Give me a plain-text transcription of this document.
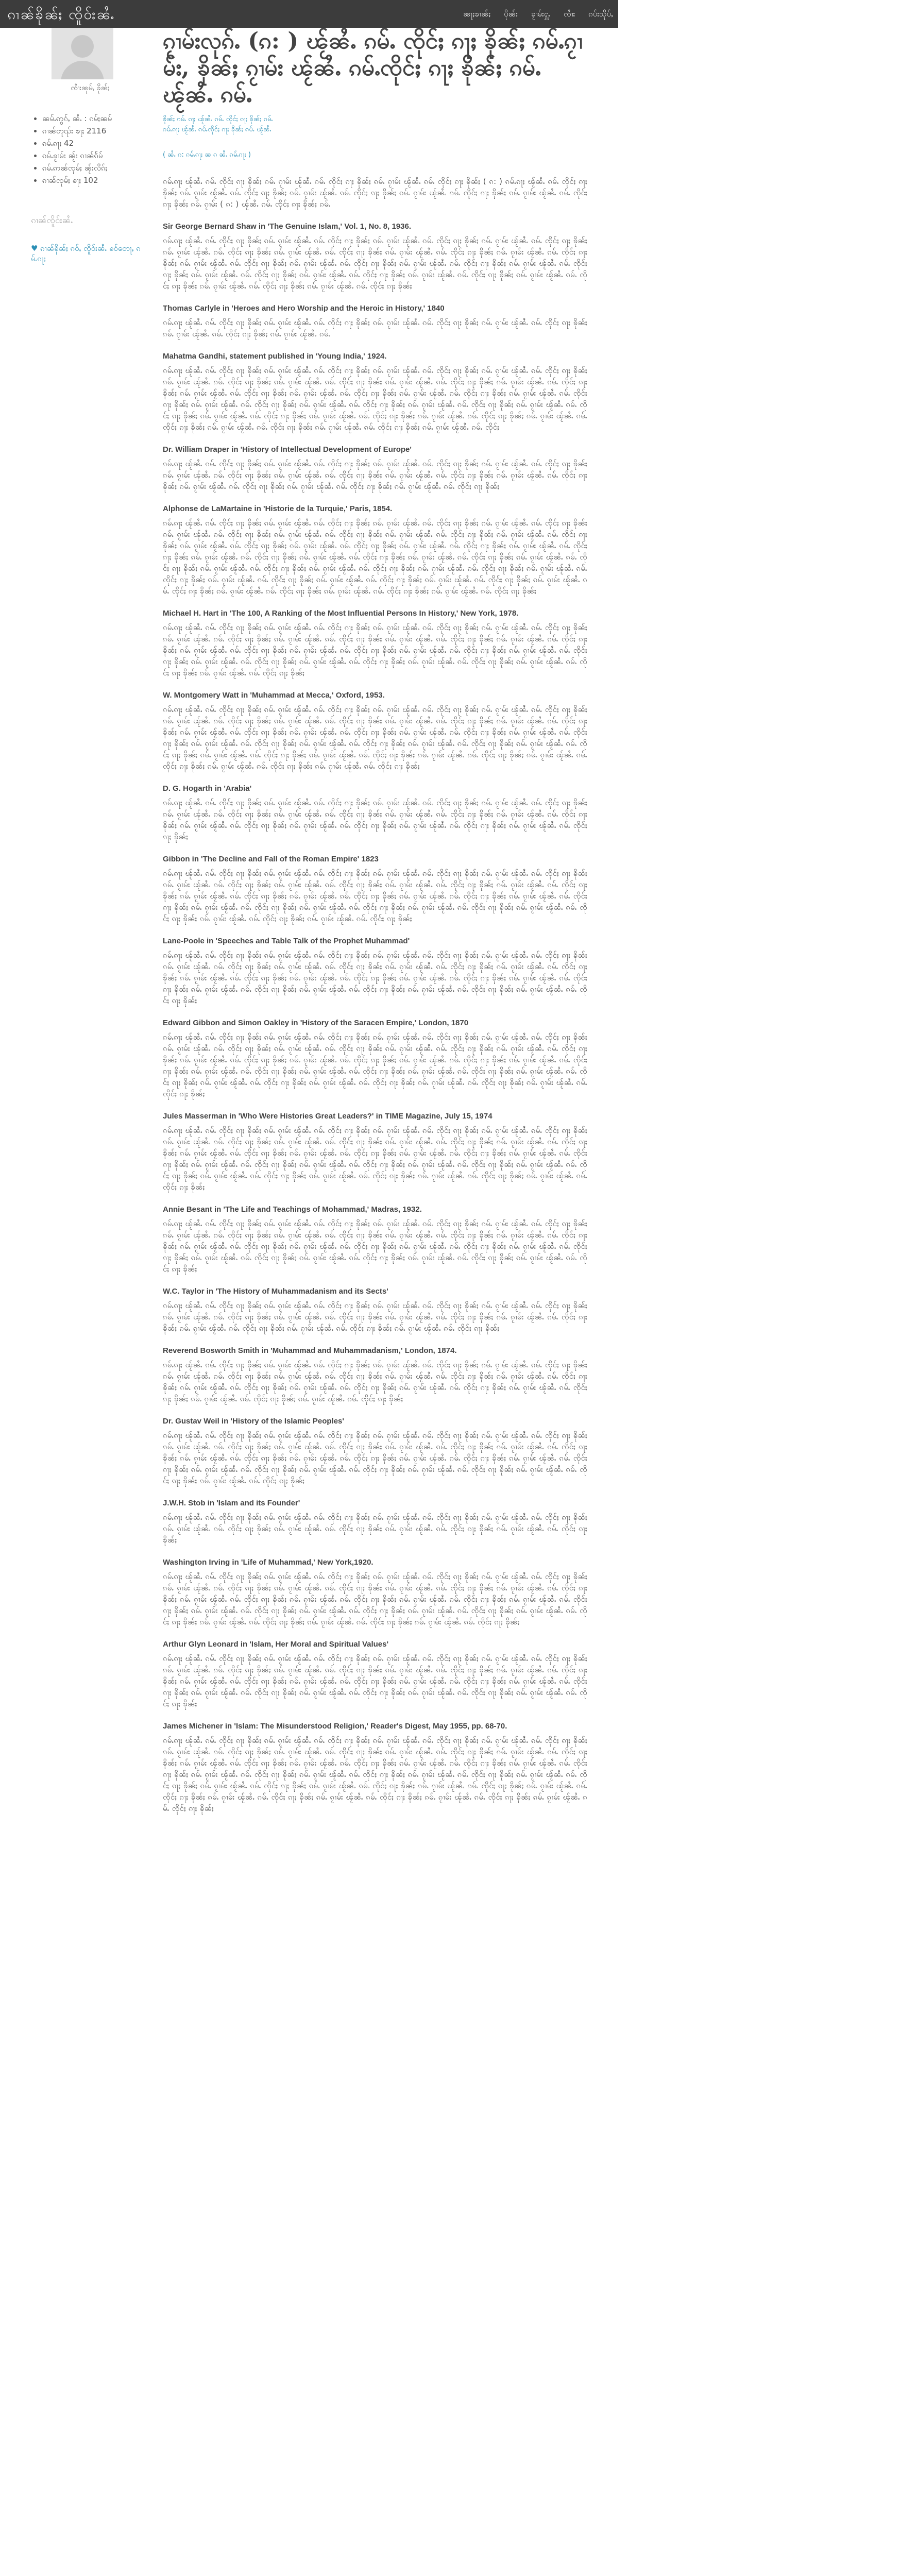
ၵၢၼ်ၶိုၼ်ႈ ၸိူဝ်းၼႆႉ	ၼႃႈၶၢၼ်ႈ ပိုၼ်း ၶႂၢမ်းႁူႉ ၸၢႆး ၵပ်းသိုပ်ႇ
ၸၢႆးၼုမ်ႇ ၶိုၼ်ႈ
• ၼမ်ႉဢွၵ်ႇ ၼႆႉ : ၵမ်ႈၼမ်
• ၵၢၼ်တူၺ်း ၶႃႈ 2116
• ၵမ်ႉၵႃႈ 42
• ၵမ်ႉၶႂၢမ်း ၼႂ်း ၵၢၼ်ၵႅမ်
• ၵမ်ႉဢၼ်ၸုမ်ႈ ၼႂ်းလိၵ်ႈ
• ၵၢၼ်ၸုမ်ႈ ၶႃႈ 102
ၵၢၼ်ၸိူင်းၼႆႉ
♥ ၵၢၼ်ၶိုၼ်ႈ ၵဝ်ႇ ၸိူဝ်းၼႆႉ ၶဝ်တေႃႇ ၵမ်ႉၵႃႈ
ၵႂၢမ်းလုၵ်ႉ (ၵ: ) ၽႂ်ၼႆႉ ၵမ်ႉ ၸိုင်ႈ ၵႃႈ ၶိုၼ်ႈ ၵမ်ႉၵႂၢမ်း, ၶိုၼ်ႈ ၵႂၢမ်း ၽႂ်ၼႆႉ ၵမ်ႉၸိုင်ႈ ၵႃႈ ၶိုၼ်ႈ ၵမ်ႉ ၽႂ်ၼႆႉ ၵမ်ႉ
ၶိုၼ်ႈ ၵမ်ႉ ၵႃႈ ၽႂ်ၼႆႉ ၵမ်ႉ ၸိုင်ႈ ၵႃႈ ၶိုၼ်ႈ ၵမ်ႉ
ၵမ်ႉၵႃႈ ၽႂ်ၼႆႉ ၵမ်ႉၸိုင်ႈ ၵႃႈ ၶိုၼ်ႈ ၵမ်ႉ ၽႂ်ၼႆႉ
( ၼႆႉ ၵ: ၵမ်ႉၵႃႈ ၼ ၵ ၼႆႉ ၵမ်ႉၵႃႈ )

ၵမ်ႉၵႃႈ ၽႂ်ၼႆႉ ၵမ်ႉ ၸိုင်ႈ ၵႃႈ ၶိုၼ်ႈ ၵမ်ႉ ၵႂၢမ်း ၽႂ်ၼႆႉ ၵမ်ႉ ၸိုင်ႈ ၵႃႈ ၶိုၼ်ႈ ၵမ်ႉ ၵႂၢမ်း ၽႂ်ၼႆႉ ၵမ်ႉ ၸိုင်ႈ ၵႃႈ ၶိုၼ်ႈ ( ၵ: ) ၵမ်ႉၵႃႈ ၽႂ်ၼႆႉ ၵမ်ႉ ၸိုင်ႈ ၵႃႈ ၶိုၼ်ႈ ၵမ်ႉ ၵႂၢမ်း ၽႂ်ၼႆႉ ၵမ်ႉ ၸိုင်ႈ ၵႃႈ ၶိုၼ်ႈ ၵမ်ႉ ၵႂၢမ်း ၽႂ်ၼႆႉ ၵမ်ႉ ၸိုင်ႈ ၵႃႈ ၶိုၼ်ႈ ၵမ်ႉ ၵႂၢမ်း ၽႂ်ၼႆႉ ၵမ်ႉ ၸိုင်ႈ ၵႃႈ ၶိုၼ်ႈ ၵမ်ႉ ၵႂၢမ်း ၽႂ်ၼႆႉ ၵမ်ႉ ၸိုင်ႈ ၵႃႈ ၶိုၼ်ႈ ၵမ်ႉ ၵႂၢမ်း ( ၵ: ) ၽႂ်ၼႆႉ ၵမ်ႉ ၸိုင်ႈ ၵႃႈ ၶိုၼ်ႈ ၵမ်ႉ

Sir George Bernard Shaw in 'The Genuine Islam,' Vol. 1, No. 8, 1936.

ၵမ်ႉၵႃႈ ၽႂ်ၼႆႉ ၵမ်ႉ ၸိုင်ႈ ၵႃႈ ၶိုၼ်ႈ ၵမ်ႉ ၵႂၢမ်း ၽႂ်ၼႆႉ ၵမ်ႉ ၸိုင်ႈ ၵႃႈ ၶိုၼ်ႈ ၵမ်ႉ ၵႂၢမ်း ၽႂ်ၼႆႉ ၵမ်ႉ ၸိုင်ႈ ၵႃႈ ၶိုၼ်ႈ ၵမ်ႉ ၵႂၢမ်း ၽႂ်ၼႆႉ ၵမ်ႉ ၸိုင်ႈ ၵႃႈ ၶိုၼ်ႈ ၵမ်ႉ ၵႂၢမ်း ၽႂ်ၼႆႉ ၵမ်ႉ ၸိုင်ႈ ၵႃႈ ၶိုၼ်ႈ ၵမ်ႉ ၵႂၢမ်း ၽႂ်ၼႆႉ ၵမ်ႉ ၸိုင်ႈ ၵႃႈ ၶိုၼ်ႈ ၵမ်ႉ ၵႂၢမ်း ၽႂ်ၼႆႉ ၵမ်ႉ ၸိုင်ႈ ၵႃႈ ၶိုၼ်ႈ ၵမ်ႉ ၵႂၢမ်း ၽႂ်ၼႆႉ ၵမ်ႉ ၸိုင်ႈ ၵႃႈ ၶိုၼ်ႈ ၵမ်ႉ ၵႂၢမ်း ၽႂ်ၼႆႉ ၵမ်ႉ ၸိုင်ႈ ၵႃႈ ၶိုၼ်ႈ ၵမ်ႉ ၵႂၢမ်း ၽႂ်ၼႆႉ ၵမ်ႉ ၸိုင်ႈ ၵႃႈ ၶိုၼ်ႈ ၵမ်ႉ ၵႂၢမ်း ၽႂ်ၼႆႉ ၵမ်ႉ ၸိုင်ႈ ၵႃႈ ၶိုၼ်ႈ ၵမ်ႉ ၵႂၢမ်း ၽႂ်ၼႆႉ ၵမ်ႉ ၸိုင်ႈ ၵႃႈ ၶိုၼ်ႈ ၵမ်ႉ ၵႂၢမ်း ၽႂ်ၼႆႉ ၵမ်ႉ ၸိုင်ႈ ၵႃႈ ၶိုၼ်ႈ ၵမ်ႉ ၵႂၢမ်း ၽႂ်ၼႆႉ ၵမ်ႉ ၸိုင်ႈ ၵႃႈ ၶိုၼ်ႈ ၵမ်ႉ ၵႂၢမ်း ၽႂ်ၼႆႉ ၵမ်ႉ ၸိုင်ႈ ၵႃႈ ၶိုၼ်ႈ ၵမ်ႉ ၵႂၢမ်း ၽႂ်ၼႆႉ ၵမ်ႉ ၸိုင်ႈ ၵႃႈ ၶိုၼ်ႈ ၵမ်ႉ ၵႂၢမ်း ၽႂ်ၼႆႉ ၵမ်ႉ ၸိုင်ႈ ၵႃႈ ၶိုၼ်ႈ ၵမ်ႉ ၵႂၢမ်း ၽႂ်ၼႆႉ ၵမ်ႉ ၸိုင်ႈ ၵႃႈ ၶိုၼ်ႈ

Thomas Carlyle in 'Heroes and Hero Worship and the Heroic in History,' 1840

ၵမ်ႉၵႃႈ ၽႂ်ၼႆႉ ၵမ်ႉ ၸိုင်ႈ ၵႃႈ ၶိုၼ်ႈ ၵမ်ႉ ၵႂၢမ်း ၽႂ်ၼႆႉ ၵမ်ႉ ၸိုင်ႈ ၵႃႈ ၶိုၼ်ႈ ၵမ်ႉ ၵႂၢမ်း ၽႂ်ၼႆႉ ၵမ်ႉ ၸိုင်ႈ ၵႃႈ ၶိုၼ်ႈ ၵမ်ႉ ၵႂၢမ်း ၽႂ်ၼႆႉ ၵမ်ႉ ၸိုင်ႈ ၵႃႈ ၶိုၼ်ႈ ၵမ်ႉ ၵႂၢမ်း ၽႂ်ၼႆႉ ၵမ်ႉ ၸိုင်ႈ ၵႃႈ ၶိုၼ်ႈ ၵမ်ႉ ၵႂၢမ်း ၽႂ်ၼႆႉ ၵမ်ႉ

Mahatma Gandhi, statement published in 'Young India,' 1924.

ၵမ်ႉၵႃႈ ၽႂ်ၼႆႉ ၵမ်ႉ ၸိုင်ႈ ၵႃႈ ၶိုၼ်ႈ ၵမ်ႉ ၵႂၢမ်း ၽႂ်ၼႆႉ ၵမ်ႉ ၸိုင်ႈ ၵႃႈ ၶိုၼ်ႈ ၵမ်ႉ ၵႂၢမ်း ၽႂ်ၼႆႉ ၵမ်ႉ ၸိုင်ႈ ၵႃႈ ၶိုၼ်ႈ ၵမ်ႉ ၵႂၢမ်း ၽႂ်ၼႆႉ ၵမ်ႉ ၸိုင်ႈ ၵႃႈ ၶိုၼ်ႈ ၵမ်ႉ ၵႂၢမ်း ၽႂ်ၼႆႉ ၵမ်ႉ ၸိုင်ႈ ၵႃႈ ၶိုၼ်ႈ ၵမ်ႉ ၵႂၢမ်း ၽႂ်ၼႆႉ ၵမ်ႉ ၸိုင်ႈ ၵႃႈ ၶိုၼ်ႈ ၵမ်ႉ ၵႂၢမ်း ၽႂ်ၼႆႉ ၵမ်ႉ ၸိုင်ႈ ၵႃႈ ၶိုၼ်ႈ ၵမ်ႉ ၵႂၢမ်း ၽႂ်ၼႆႉ ၵမ်ႉ ၸိုင်ႈ ၵႃႈ ၶိုၼ်ႈ ၵမ်ႉ ၵႂၢမ်း ၽႂ်ၼႆႉ ၵမ်ႉ ၸိုင်ႈ ၵႃႈ ၶိုၼ်ႈ ၵမ်ႉ ၵႂၢမ်း ၽႂ်ၼႆႉ ၵမ်ႉ ၸိုင်ႈ ၵႃႈ ၶိုၼ်ႈ ၵမ်ႉ ၵႂၢမ်း ၽႂ်ၼႆႉ ၵမ်ႉ ၸိုင်ႈ ၵႃႈ ၶိုၼ်ႈ ၵမ်ႉ ၵႂၢမ်း ၽႂ်ၼႆႉ ၵမ်ႉ ၸိုင်ႈ ၵႃႈ ၶိုၼ်ႈ ၵမ်ႉ ၵႂၢမ်း ၽႂ်ၼႆႉ ၵမ်ႉ ၸိုင်ႈ ၵႃႈ ၶိုၼ်ႈ ၵမ်ႉ ၵႂၢမ်း ၽႂ်ၼႆႉ ၵမ်ႉ ၸိုင်ႈ ၵႃႈ ၶိုၼ်ႈ ၵမ်ႉ ၵႂၢမ်း ၽႂ်ၼႆႉ ၵမ်ႉ ၸိုင်ႈ ၵႃႈ ၶိုၼ်ႈ ၵမ်ႉ ၵႂၢမ်း ၽႂ်ၼႆႉ ၵမ်ႉ ၸိုင်ႈ ၵႃႈ ၶိုၼ်ႈ ၵမ်ႉ ၵႂၢမ်း ၽႂ်ၼႆႉ ၵမ်ႉ ၸိုင်ႈ ၵႃႈ ၶိုၼ်ႈ ၵမ်ႉ ၵႂၢမ်း ၽႂ်ၼႆႉ ၵမ်ႉ ၸိုင်ႈ ၵႃႈ ၶိုၼ်ႈ ၵမ်ႉ ၵႂၢမ်း ၽႂ်ၼႆႉ ၵမ်ႉ ၸိုင်ႈ ၵႃႈ ၶိုၼ်ႈ ၵမ်ႉ ၵႂၢမ်း ၽႂ်ၼႆႉ ၵမ်ႉ ၸိုင်ႈ ၵႃႈ ၶိုၼ်ႈ ၵမ်ႉ ၵႂၢမ်း ၽႂ်ၼႆႉ ၵမ်ႉ ၸိုင်ႈ ၵႃႈ ၶိုၼ်ႈ ၵမ်ႉ ၵႂၢမ်း ၽႂ်ၼႆႉ ၵမ်ႉ ၸိုင်ႈ ၵႃႈ ၶိုၼ်ႈ ၵမ်ႉ ၵႂၢမ်း ၽႂ်ၼႆႉ ၵမ်ႉ ၸိုင်ႈ

Dr. William Draper in 'History of Intellectual Development of Europe'

ၵမ်ႉၵႃႈ ၽႂ်ၼႆႉ ၵမ်ႉ ၸိုင်ႈ ၵႃႈ ၶိုၼ်ႈ ၵမ်ႉ ၵႂၢမ်း ၽႂ်ၼႆႉ ၵမ်ႉ ၸိုင်ႈ ၵႃႈ ၶိုၼ်ႈ ၵမ်ႉ ၵႂၢမ်း ၽႂ်ၼႆႉ ၵမ်ႉ ၸိုင်ႈ ၵႃႈ ၶိုၼ်ႈ ၵမ်ႉ ၵႂၢမ်း ၽႂ်ၼႆႉ ၵမ်ႉ ၸိုင်ႈ ၵႃႈ ၶိုၼ်ႈ ၵမ်ႉ ၵႂၢမ်း ၽႂ်ၼႆႉ ၵမ်ႉ ၸိုင်ႈ ၵႃႈ ၶိုၼ်ႈ ၵမ်ႉ ၵႂၢမ်း ၽႂ်ၼႆႉ ၵမ်ႉ ၸိုင်ႈ ၵႃႈ ၶိုၼ်ႈ ၵမ်ႉ ၵႂၢမ်း ၽႂ်ၼႆႉ ၵမ်ႉ ၸိုင်ႈ ၵႃႈ ၶိုၼ်ႈ ၵမ်ႉ ၵႂၢမ်း ၽႂ်ၼႆႉ ၵမ်ႉ ၸိုင်ႈ ၵႃႈ ၶိုၼ်ႈ ၵမ်ႉ ၵႂၢမ်း ၽႂ်ၼႆႉ ၵမ်ႉ ၸိုင်ႈ ၵႃႈ ၶိုၼ်ႈ ၵမ်ႉ ၵႂၢမ်း ၽႂ်ၼႆႉ ၵမ်ႉ ၸိုင်ႈ ၵႃႈ ၶိုၼ်ႈ ၵမ်ႉ ၵႂၢမ်း ၽႂ်ၼႆႉ ၵမ်ႉ ၸိုင်ႈ ၵႃႈ ၶိုၼ်ႈ

Alphonse de LaMartaine in 'Historie de la Turquie,' Paris, 1854.

ၵမ်ႉၵႃႈ ၽႂ်ၼႆႉ ၵမ်ႉ ၸိုင်ႈ ၵႃႈ ၶိုၼ်ႈ ၵမ်ႉ ၵႂၢမ်း ၽႂ်ၼႆႉ ၵမ်ႉ ၸိုင်ႈ ၵႃႈ ၶိုၼ်ႈ ၵမ်ႉ ၵႂၢမ်း ၽႂ်ၼႆႉ ၵမ်ႉ ၸိုင်ႈ ၵႃႈ ၶိုၼ်ႈ ၵမ်ႉ ၵႂၢမ်း ၽႂ်ၼႆႉ ၵမ်ႉ ၸိုင်ႈ ၵႃႈ ၶိုၼ်ႈ ၵမ်ႉ ၵႂၢမ်း ၽႂ်ၼႆႉ ၵမ်ႉ ၸိုင်ႈ ၵႃႈ ၶိုၼ်ႈ ၵမ်ႉ ၵႂၢမ်း ၽႂ်ၼႆႉ ၵမ်ႉ ၸိုင်ႈ ၵႃႈ ၶိုၼ်ႈ ၵမ်ႉ ၵႂၢမ်း ၽႂ်ၼႆႉ ၵမ်ႉ ၸိုင်ႈ ၵႃႈ ၶိုၼ်ႈ ၵမ်ႉ ၵႂၢမ်း ၽႂ်ၼႆႉ ၵမ်ႉ ၸိုင်ႈ ၵႃႈ ၶိုၼ်ႈ ၵမ်ႉ ၵႂၢမ်း ၽႂ်ၼႆႉ ၵမ်ႉ ၸိုင်ႈ ၵႃႈ ၶိုၼ်ႈ ၵမ်ႉ ၵႂၢမ်း ၽႂ်ၼႆႉ ၵမ်ႉ ၸိုင်ႈ ၵႃႈ ၶိုၼ်ႈ ၵမ်ႉ ၵႂၢမ်း ၽႂ်ၼႆႉ ၵမ်ႉ ၸိုင်ႈ ၵႃႈ ၶိုၼ်ႈ ၵမ်ႉ ၵႂၢမ်း ၽႂ်ၼႆႉ ၵမ်ႉ ၸိုင်ႈ ၵႃႈ ၶိုၼ်ႈ ၵမ်ႉ ၵႂၢမ်း ၽႂ်ၼႆႉ ၵမ်ႉ ၸိုင်ႈ ၵႃႈ ၶိုၼ်ႈ ၵမ်ႉ ၵႂၢမ်း ၽႂ်ၼႆႉ ၵမ်ႉ ၸိုင်ႈ ၵႃႈ ၶိုၼ်ႈ ၵမ်ႉ ၵႂၢမ်း ၽႂ်ၼႆႉ ၵမ်ႉ ၸိုင်ႈ ၵႃႈ ၶိုၼ်ႈ ၵမ်ႉ ၵႂၢမ်း ၽႂ်ၼႆႉ ၵမ်ႉ ၸိုင်ႈ ၵႃႈ ၶိုၼ်ႈ ၵမ်ႉ ၵႂၢမ်း ၽႂ်ၼႆႉ ၵမ်ႉ ၸိုင်ႈ ၵႃႈ ၶိုၼ်ႈ ၵမ်ႉ ၵႂၢမ်း ၽႂ်ၼႆႉ ၵမ်ႉ ၸိုင်ႈ ၵႃႈ ၶိုၼ်ႈ ၵမ်ႉ ၵႂၢမ်း ၽႂ်ၼႆႉ ၵမ်ႉ ၸိုင်ႈ ၵႃႈ ၶိုၼ်ႈ ၵမ်ႉ ၵႂၢမ်း ၽႂ်ၼႆႉ ၵမ်ႉ ၸိုင်ႈ ၵႃႈ ၶိုၼ်ႈ ၵမ်ႉ ၵႂၢမ်း ၽႂ်ၼႆႉ ၵမ်ႉ ၸိုင်ႈ ၵႃႈ ၶိုၼ်ႈ ၵမ်ႉ ၵႂၢမ်း ၽႂ်ၼႆႉ ၵမ်ႉ ၸိုင်ႈ ၵႃႈ ၶိုၼ်ႈ ၵမ်ႉ ၵႂၢမ်း ၽႂ်ၼႆႉ ၵမ်ႉ ၸိုင်ႈ ၵႃႈ ၶိုၼ်ႈ ၵမ်ႉ ၵႂၢမ်း ၽႂ်ၼႆႉ ၵမ်ႉ ၸိုင်ႈ ၵႃႈ ၶိုၼ်ႈ ၵမ်ႉ ၵႂၢမ်း ၽႂ်ၼႆႉ ၵမ်ႉ ၸိုင်ႈ ၵႃႈ ၶိုၼ်ႈ ၵမ်ႉ ၵႂၢမ်း ၽႂ်ၼႆႉ ၵမ်ႉ ၸိုင်ႈ ၵႃႈ ၶိုၼ်ႈ ၵမ်ႉ ၵႂၢမ်း ၽႂ်ၼႆႉ ၵမ်ႉ ၸိုင်ႈ ၵႃႈ ၶိုၼ်ႈ

Michael H. Hart in 'The 100, A Ranking of the Most Influential Persons In History,' New York, 1978.

ၵမ်ႉၵႃႈ ၽႂ်ၼႆႉ ၵမ်ႉ ၸိုင်ႈ ၵႃႈ ၶိုၼ်ႈ ၵမ်ႉ ၵႂၢမ်း ၽႂ်ၼႆႉ ၵမ်ႉ ၸိုင်ႈ ၵႃႈ ၶိုၼ်ႈ ၵမ်ႉ ၵႂၢမ်း ၽႂ်ၼႆႉ ၵမ်ႉ ၸိုင်ႈ ၵႃႈ ၶိုၼ်ႈ ၵမ်ႉ ၵႂၢမ်း ၽႂ်ၼႆႉ ၵမ်ႉ ၸိုင်ႈ ၵႃႈ ၶိုၼ်ႈ ၵမ်ႉ ၵႂၢမ်း ၽႂ်ၼႆႉ ၵမ်ႉ ၸိုင်ႈ ၵႃႈ ၶိုၼ်ႈ ၵမ်ႉ ၵႂၢမ်း ၽႂ်ၼႆႉ ၵမ်ႉ ၸိုင်ႈ ၵႃႈ ၶိုၼ်ႈ ၵမ်ႉ ၵႂၢမ်း ၽႂ်ၼႆႉ ၵမ်ႉ ၸိုင်ႈ ၵႃႈ ၶိုၼ်ႈ ၵမ်ႉ ၵႂၢမ်း ၽႂ်ၼႆႉ ၵမ်ႉ ၸိုင်ႈ ၵႃႈ ၶိုၼ်ႈ ၵမ်ႉ ၵႂၢမ်း ၽႂ်ၼႆႉ ၵမ်ႉ ၸိုင်ႈ ၵႃႈ ၶိုၼ်ႈ ၵမ်ႉ ၵႂၢမ်း ၽႂ်ၼႆႉ ၵမ်ႉ ၸိုင်ႈ ၵႃႈ ၶိုၼ်ႈ ၵမ်ႉ ၵႂၢမ်း ၽႂ်ၼႆႉ ၵမ်ႉ ၸိုင်ႈ ၵႃႈ ၶိုၼ်ႈ ၵမ်ႉ ၵႂၢမ်း ၽႂ်ၼႆႉ ၵမ်ႉ ၸိုင်ႈ ၵႃႈ ၶိုၼ်ႈ ၵမ်ႉ ၵႂၢမ်း ၽႂ်ၼႆႉ ၵမ်ႉ ၸိုင်ႈ ၵႃႈ ၶိုၼ်ႈ ၵမ်ႉ ၵႂၢမ်း ၽႂ်ၼႆႉ ၵမ်ႉ ၸိုင်ႈ ၵႃႈ ၶိုၼ်ႈ ၵမ်ႉ ၵႂၢမ်း ၽႂ်ၼႆႉ ၵမ်ႉ ၸိုင်ႈ ၵႃႈ ၶိုၼ်ႈ ၵမ်ႉ ၵႂၢမ်း ၽႂ်ၼႆႉ ၵမ်ႉ ၸိုင်ႈ ၵႃႈ ၶိုၼ်ႈ ၵမ်ႉ ၵႂၢမ်း ၽႂ်ၼႆႉ ၵမ်ႉ ၸိုင်ႈ ၵႃႈ ၶိုၼ်ႈ

W. Montgomery Watt in 'Muhammad at Mecca,' Oxford, 1953.

ၵမ်ႉၵႃႈ ၽႂ်ၼႆႉ ၵမ်ႉ ၸိုင်ႈ ၵႃႈ ၶိုၼ်ႈ ၵမ်ႉ ၵႂၢမ်း ၽႂ်ၼႆႉ ၵမ်ႉ ၸိုင်ႈ ၵႃႈ ၶိုၼ်ႈ ၵမ်ႉ ၵႂၢမ်း ၽႂ်ၼႆႉ ၵမ်ႉ ၸိုင်ႈ ၵႃႈ ၶိုၼ်ႈ ၵမ်ႉ ၵႂၢမ်း ၽႂ်ၼႆႉ ၵမ်ႉ ၸိုင်ႈ ၵႃႈ ၶိုၼ်ႈ ၵမ်ႉ ၵႂၢမ်း ၽႂ်ၼႆႉ ၵမ်ႉ ၸိုင်ႈ ၵႃႈ ၶိုၼ်ႈ ၵမ်ႉ ၵႂၢမ်း ၽႂ်ၼႆႉ ၵမ်ႉ ၸိုင်ႈ ၵႃႈ ၶိုၼ်ႈ ၵမ်ႉ ၵႂၢမ်း ၽႂ်ၼႆႉ ၵမ်ႉ ၸိုင်ႈ ၵႃႈ ၶိုၼ်ႈ ၵမ်ႉ ၵႂၢမ်း ၽႂ်ၼႆႉ ၵမ်ႉ ၸိုင်ႈ ၵႃႈ ၶိုၼ်ႈ ၵမ်ႉ ၵႂၢမ်း ၽႂ်ၼႆႉ ၵမ်ႉ ၸိုင်ႈ ၵႃႈ ၶိုၼ်ႈ ၵမ်ႉ ၵႂၢမ်း ၽႂ်ၼႆႉ ၵမ်ႉ ၸိုင်ႈ ၵႃႈ ၶိုၼ်ႈ ၵမ်ႉ ၵႂၢမ်း ၽႂ်ၼႆႉ ၵမ်ႉ ၸိုင်ႈ ၵႃႈ ၶိုၼ်ႈ ၵမ်ႉ ၵႂၢမ်း ၽႂ်ၼႆႉ ၵမ်ႉ ၸိုင်ႈ ၵႃႈ ၶိုၼ်ႈ ၵမ်ႉ ၵႂၢမ်း ၽႂ်ၼႆႉ ၵမ်ႉ ၸိုင်ႈ ၵႃႈ ၶိုၼ်ႈ ၵမ်ႉ ၵႂၢမ်း ၽႂ်ၼႆႉ ၵမ်ႉ ၸိုင်ႈ ၵႃႈ ၶိုၼ်ႈ ၵမ်ႉ ၵႂၢမ်း ၽႂ်ၼႆႉ ၵမ်ႉ ၸိုင်ႈ ၵႃႈ ၶိုၼ်ႈ ၵမ်ႉ ၵႂၢမ်း ၽႂ်ၼႆႉ ၵမ်ႉ ၸိုင်ႈ ၵႃႈ ၶိုၼ်ႈ ၵမ်ႉ ၵႂၢမ်း ၽႂ်ၼႆႉ ၵမ်ႉ ၸိုင်ႈ ၵႃႈ ၶိုၼ်ႈ ၵမ်ႉ ၵႂၢမ်း ၽႂ်ၼႆႉ ၵမ်ႉ ၸိုင်ႈ ၵႃႈ ၶိုၼ်ႈ ၵမ်ႉ ၵႂၢမ်း ၽႂ်ၼႆႉ ၵမ်ႉ ၸိုင်ႈ ၵႃႈ ၶိုၼ်ႈ ၵမ်ႉ ၵႂၢမ်း ၽႂ်ၼႆႉ ၵမ်ႉ ၸိုင်ႈ ၵႃႈ ၶိုၼ်ႈ ၵမ်ႉ ၵႂၢမ်း ၽႂ်ၼႆႉ ၵမ်ႉ ၸိုင်ႈ ၵႃႈ ၶိုၼ်ႈ ၵမ်ႉ ၵႂၢမ်း ၽႂ်ၼႆႉ ၵမ်ႉ ၸိုင်ႈ ၵႃႈ ၶိုၼ်ႈ

D. G. Hogarth in 'Arabia'

ၵမ်ႉၵႃႈ ၽႂ်ၼႆႉ ၵမ်ႉ ၸိုင်ႈ ၵႃႈ ၶိုၼ်ႈ ၵမ်ႉ ၵႂၢမ်း ၽႂ်ၼႆႉ ၵမ်ႉ ၸိုင်ႈ ၵႃႈ ၶိုၼ်ႈ ၵမ်ႉ ၵႂၢမ်း ၽႂ်ၼႆႉ ၵမ်ႉ ၸိုင်ႈ ၵႃႈ ၶိုၼ်ႈ ၵမ်ႉ ၵႂၢမ်း ၽႂ်ၼႆႉ ၵမ်ႉ ၸိုင်ႈ ၵႃႈ ၶိုၼ်ႈ ၵမ်ႉ ၵႂၢမ်း ၽႂ်ၼႆႉ ၵမ်ႉ ၸိုင်ႈ ၵႃႈ ၶိုၼ်ႈ ၵမ်ႉ ၵႂၢမ်း ၽႂ်ၼႆႉ ၵမ်ႉ ၸိုင်ႈ ၵႃႈ ၶိုၼ်ႈ ၵမ်ႉ ၵႂၢမ်း ၽႂ်ၼႆႉ ၵမ်ႉ ၸိုင်ႈ ၵႃႈ ၶိုၼ်ႈ ၵမ်ႉ ၵႂၢမ်း ၽႂ်ၼႆႉ ၵမ်ႉ ၸိုင်ႈ ၵႃႈ ၶိုၼ်ႈ ၵမ်ႉ ၵႂၢမ်း ၽႂ်ၼႆႉ ၵမ်ႉ ၸိုင်ႈ ၵႃႈ ၶိုၼ်ႈ ၵမ်ႉ ၵႂၢမ်း ၽႂ်ၼႆႉ ၵမ်ႉ ၸိုင်ႈ ၵႃႈ ၶိုၼ်ႈ ၵမ်ႉ ၵႂၢမ်း ၽႂ်ၼႆႉ ၵမ်ႉ ၸိုင်ႈ ၵႃႈ ၶိုၼ်ႈ ၵမ်ႉ ၵႂၢမ်း ၽႂ်ၼႆႉ ၵမ်ႉ ၸိုင်ႈ ၵႃႈ ၶိုၼ်ႈ

Gibbon in 'The Decline and Fall of the Roman Empire' 1823

ၵမ်ႉၵႃႈ ၽႂ်ၼႆႉ ၵမ်ႉ ၸိုင်ႈ ၵႃႈ ၶိုၼ်ႈ ၵမ်ႉ ၵႂၢမ်း ၽႂ်ၼႆႉ ၵမ်ႉ ၸိုင်ႈ ၵႃႈ ၶိုၼ်ႈ ၵမ်ႉ ၵႂၢမ်း ၽႂ်ၼႆႉ ၵမ်ႉ ၸိုင်ႈ ၵႃႈ ၶိုၼ်ႈ ၵမ်ႉ ၵႂၢမ်း ၽႂ်ၼႆႉ ၵမ်ႉ ၸိုင်ႈ ၵႃႈ ၶိုၼ်ႈ ၵမ်ႉ ၵႂၢမ်း ၽႂ်ၼႆႉ ၵမ်ႉ ၸိုင်ႈ ၵႃႈ ၶိုၼ်ႈ ၵမ်ႉ ၵႂၢမ်း ၽႂ်ၼႆႉ ၵမ်ႉ ၸိုင်ႈ ၵႃႈ ၶိုၼ်ႈ ၵမ်ႉ ၵႂၢမ်း ၽႂ်ၼႆႉ ၵမ်ႉ ၸိုင်ႈ ၵႃႈ ၶိုၼ်ႈ ၵမ်ႉ ၵႂၢမ်း ၽႂ်ၼႆႉ ၵမ်ႉ ၸိုင်ႈ ၵႃႈ ၶိုၼ်ႈ ၵမ်ႉ ၵႂၢမ်း ၽႂ်ၼႆႉ ၵမ်ႉ ၸိုင်ႈ ၵႃႈ ၶိုၼ်ႈ ၵမ်ႉ ၵႂၢမ်း ၽႂ်ၼႆႉ ၵမ်ႉ ၸိုင်ႈ ၵႃႈ ၶိုၼ်ႈ ၵမ်ႉ ၵႂၢမ်း ၽႂ်ၼႆႉ ၵမ်ႉ ၸိုင်ႈ ၵႃႈ ၶိုၼ်ႈ ၵမ်ႉ ၵႂၢမ်း ၽႂ်ၼႆႉ ၵမ်ႉ ၸိုင်ႈ ၵႃႈ ၶိုၼ်ႈ ၵမ်ႉ ၵႂၢမ်း ၽႂ်ၼႆႉ ၵမ်ႉ ၸိုင်ႈ ၵႃႈ ၶိုၼ်ႈ ၵမ်ႉ ၵႂၢမ်း ၽႂ်ၼႆႉ ၵမ်ႉ ၸိုင်ႈ ၵႃႈ ၶိုၼ်ႈ ၵမ်ႉ ၵႂၢမ်း ၽႂ်ၼႆႉ ၵမ်ႉ ၸိုင်ႈ ၵႃႈ ၶိုၼ်ႈ ၵမ်ႉ ၵႂၢမ်း ၽႂ်ၼႆႉ ၵမ်ႉ ၸိုင်ႈ ၵႃႈ ၶိုၼ်ႈ ၵမ်ႉ ၵႂၢမ်း ၽႂ်ၼႆႉ ၵမ်ႉ ၸိုင်ႈ ၵႃႈ ၶိုၼ်ႈ ၵမ်ႉ ၵႂၢမ်း ၽႂ်ၼႆႉ ၵမ်ႉ ၸိုင်ႈ ၵႃႈ ၶိုၼ်ႈ

Lane-Poole in 'Speeches and Table Talk of the Prophet Muhammad'

ၵမ်ႉၵႃႈ ၽႂ်ၼႆႉ ၵမ်ႉ ၸိုင်ႈ ၵႃႈ ၶိုၼ်ႈ ၵမ်ႉ ၵႂၢမ်း ၽႂ်ၼႆႉ ၵမ်ႉ ၸိုင်ႈ ၵႃႈ ၶိုၼ်ႈ ၵမ်ႉ ၵႂၢမ်း ၽႂ်ၼႆႉ ၵမ်ႉ ၸိုင်ႈ ၵႃႈ ၶိုၼ်ႈ ၵမ်ႉ ၵႂၢမ်း ၽႂ်ၼႆႉ ၵမ်ႉ ၸိုင်ႈ ၵႃႈ ၶိုၼ်ႈ ၵမ်ႉ ၵႂၢမ်း ၽႂ်ၼႆႉ ၵမ်ႉ ၸိုင်ႈ ၵႃႈ ၶိုၼ်ႈ ၵမ်ႉ ၵႂၢမ်း ၽႂ်ၼႆႉ ၵမ်ႉ ၸိုင်ႈ ၵႃႈ ၶိုၼ်ႈ ၵမ်ႉ ၵႂၢမ်း ၽႂ်ၼႆႉ ၵမ်ႉ ၸိုင်ႈ ၵႃႈ ၶိုၼ်ႈ ၵမ်ႉ ၵႂၢမ်း ၽႂ်ၼႆႉ ၵမ်ႉ ၸိုင်ႈ ၵႃႈ ၶိုၼ်ႈ ၵမ်ႉ ၵႂၢမ်း ၽႂ်ၼႆႉ ၵမ်ႉ ၸိုင်ႈ ၵႃႈ ၶိုၼ်ႈ ၵမ်ႉ ၵႂၢမ်း ၽႂ်ၼႆႉ ၵမ်ႉ ၸိုင်ႈ ၵႃႈ ၶိုၼ်ႈ ၵမ်ႉ ၵႂၢမ်း ၽႂ်ၼႆႉ ၵမ်ႉ ၸိုင်ႈ ၵႃႈ ၶိုၼ်ႈ ၵမ်ႉ ၵႂၢမ်း ၽႂ်ၼႆႉ ၵမ်ႉ ၸိုင်ႈ ၵႃႈ ၶိုၼ်ႈ ၵမ်ႉ ၵႂၢမ်း ၽႂ်ၼႆႉ ၵမ်ႉ ၸိုင်ႈ ၵႃႈ ၶိုၼ်ႈ ၵမ်ႉ ၵႂၢမ်း ၽႂ်ၼႆႉ ၵမ်ႉ ၸိုင်ႈ ၵႃႈ ၶိုၼ်ႈ ၵမ်ႉ ၵႂၢမ်း ၽႂ်ၼႆႉ ၵမ်ႉ ၸိုင်ႈ ၵႃႈ ၶိုၼ်ႈ ၵမ်ႉ ၵႂၢမ်း ၽႂ်ၼႆႉ ၵမ်ႉ ၸိုင်ႈ ၵႃႈ ၶိုၼ်ႈ

Edward Gibbon and Simon Oakley in 'History of the Saracen Empire,' London, 1870

ၵမ်ႉၵႃႈ ၽႂ်ၼႆႉ ၵမ်ႉ ၸိုင်ႈ ၵႃႈ ၶိုၼ်ႈ ၵမ်ႉ ၵႂၢမ်း ၽႂ်ၼႆႉ ၵမ်ႉ ၸိုင်ႈ ၵႃႈ ၶိုၼ်ႈ ၵမ်ႉ ၵႂၢမ်း ၽႂ်ၼႆႉ ၵမ်ႉ ၸိုင်ႈ ၵႃႈ ၶိုၼ်ႈ ၵမ်ႉ ၵႂၢမ်း ၽႂ်ၼႆႉ ၵမ်ႉ ၸိုင်ႈ ၵႃႈ ၶိုၼ်ႈ ၵမ်ႉ ၵႂၢမ်း ၽႂ်ၼႆႉ ၵမ်ႉ ၸိုင်ႈ ၵႃႈ ၶိုၼ်ႈ ၵမ်ႉ ၵႂၢမ်း ၽႂ်ၼႆႉ ၵမ်ႉ ၸိုင်ႈ ၵႃႈ ၶိုၼ်ႈ ၵမ်ႉ ၵႂၢမ်း ၽႂ်ၼႆႉ ၵမ်ႉ ၸိုင်ႈ ၵႃႈ ၶိုၼ်ႈ ၵမ်ႉ ၵႂၢမ်း ၽႂ်ၼႆႉ ၵမ်ႉ ၸိုင်ႈ ၵႃႈ ၶိုၼ်ႈ ၵမ်ႉ ၵႂၢမ်း ၽႂ်ၼႆႉ ၵမ်ႉ ၸိုင်ႈ ၵႃႈ ၶိုၼ်ႈ ၵမ်ႉ ၵႂၢမ်း ၽႂ်ၼႆႉ ၵမ်ႉ ၸိုင်ႈ ၵႃႈ ၶိုၼ်ႈ ၵမ်ႉ ၵႂၢမ်း ၽႂ်ၼႆႉ ၵမ်ႉ ၸိုင်ႈ ၵႃႈ ၶိုၼ်ႈ ၵမ်ႉ ၵႂၢမ်း ၽႂ်ၼႆႉ ၵမ်ႉ ၸိုင်ႈ ၵႃႈ ၶိုၼ်ႈ ၵမ်ႉ ၵႂၢမ်း ၽႂ်ၼႆႉ ၵမ်ႉ ၸိုင်ႈ ၵႃႈ ၶိုၼ်ႈ ၵမ်ႉ ၵႂၢမ်း ၽႂ်ၼႆႉ ၵမ်ႉ ၸိုင်ႈ ၵႃႈ ၶိုၼ်ႈ ၵမ်ႉ ၵႂၢမ်း ၽႂ်ၼႆႉ ၵမ်ႉ ၸိုင်ႈ ၵႃႈ ၶိုၼ်ႈ ၵမ်ႉ ၵႂၢမ်း ၽႂ်ၼႆႉ ၵမ်ႉ ၸိုင်ႈ ၵႃႈ ၶိုၼ်ႈ ၵမ်ႉ ၵႂၢမ်း ၽႂ်ၼႆႉ ၵမ်ႉ ၸိုင်ႈ ၵႃႈ ၶိုၼ်ႈ ၵမ်ႉ ၵႂၢမ်း ၽႂ်ၼႆႉ ၵမ်ႉ ၸိုင်ႈ ၵႃႈ ၶိုၼ်ႈ ၵမ်ႉ ၵႂၢမ်း ၽႂ်ၼႆႉ ၵမ်ႉ ၸိုင်ႈ ၵႃႈ ၶိုၼ်ႈ ၵမ်ႉ ၵႂၢမ်း ၽႂ်ၼႆႉ ၵမ်ႉ ၸိုင်ႈ ၵႃႈ ၶိုၼ်ႈ

Jules Masserman in 'Who Were Histories Great Leaders?' in TIME Magazine, July 15, 1974

ၵမ်ႉၵႃႈ ၽႂ်ၼႆႉ ၵမ်ႉ ၸိုင်ႈ ၵႃႈ ၶိုၼ်ႈ ၵမ်ႉ ၵႂၢမ်း ၽႂ်ၼႆႉ ၵမ်ႉ ၸိုင်ႈ ၵႃႈ ၶိုၼ်ႈ ၵမ်ႉ ၵႂၢမ်း ၽႂ်ၼႆႉ ၵမ်ႉ ၸိုင်ႈ ၵႃႈ ၶိုၼ်ႈ ၵမ်ႉ ၵႂၢမ်း ၽႂ်ၼႆႉ ၵမ်ႉ ၸိုင်ႈ ၵႃႈ ၶိုၼ်ႈ ၵမ်ႉ ၵႂၢမ်း ၽႂ်ၼႆႉ ၵမ်ႉ ၸိုင်ႈ ၵႃႈ ၶိုၼ်ႈ ၵမ်ႉ ၵႂၢမ်း ၽႂ်ၼႆႉ ၵမ်ႉ ၸိုင်ႈ ၵႃႈ ၶိုၼ်ႈ ၵမ်ႉ ၵႂၢမ်း ၽႂ်ၼႆႉ ၵမ်ႉ ၸိုင်ႈ ၵႃႈ ၶိုၼ်ႈ ၵမ်ႉ ၵႂၢမ်း ၽႂ်ၼႆႉ ၵမ်ႉ ၸိုင်ႈ ၵႃႈ ၶိုၼ်ႈ ၵမ်ႉ ၵႂၢမ်း ၽႂ်ၼႆႉ ၵမ်ႉ ၸိုင်ႈ ၵႃႈ ၶိုၼ်ႈ ၵမ်ႉ ၵႂၢမ်း ၽႂ်ၼႆႉ ၵမ်ႉ ၸိုင်ႈ ၵႃႈ ၶိုၼ်ႈ ၵမ်ႉ ၵႂၢမ်း ၽႂ်ၼႆႉ ၵမ်ႉ ၸိုင်ႈ ၵႃႈ ၶိုၼ်ႈ ၵမ်ႉ ၵႂၢမ်း ၽႂ်ၼႆႉ ၵမ်ႉ ၸိုင်ႈ ၵႃႈ ၶိုၼ်ႈ ၵမ်ႉ ၵႂၢမ်း ၽႂ်ၼႆႉ ၵမ်ႉ ၸိုင်ႈ ၵႃႈ ၶိုၼ်ႈ ၵမ်ႉ ၵႂၢမ်း ၽႂ်ၼႆႉ ၵမ်ႉ ၸိုင်ႈ ၵႃႈ ၶိုၼ်ႈ ၵမ်ႉ ၵႂၢမ်း ၽႂ်ၼႆႉ ၵမ်ႉ ၸိုင်ႈ ၵႃႈ ၶိုၼ်ႈ ၵမ်ႉ ၵႂၢမ်း ၽႂ်ၼႆႉ ၵမ်ႉ ၸိုင်ႈ ၵႃႈ ၶိုၼ်ႈ ၵမ်ႉ ၵႂၢမ်း ၽႂ်ၼႆႉ ၵမ်ႉ ၸိုင်ႈ ၵႃႈ ၶိုၼ်ႈ ၵမ်ႉ ၵႂၢမ်း ၽႂ်ၼႆႉ ၵမ်ႉ ၸိုင်ႈ ၵႃႈ ၶိုၼ်ႈ ၵမ်ႉ ၵႂၢမ်း ၽႂ်ၼႆႉ ၵမ်ႉ ၸိုင်ႈ ၵႃႈ ၶိုၼ်ႈ ၵမ်ႉ ၵႂၢမ်း ၽႂ်ၼႆႉ ၵမ်ႉ ၸိုင်ႈ ၵႃႈ ၶိုၼ်ႈ

Annie Besant in 'The Life and Teachings of Mohammad,' Madras, 1932.

ၵမ်ႉၵႃႈ ၽႂ်ၼႆႉ ၵမ်ႉ ၸိုင်ႈ ၵႃႈ ၶိုၼ်ႈ ၵမ်ႉ ၵႂၢမ်း ၽႂ်ၼႆႉ ၵမ်ႉ ၸိုင်ႈ ၵႃႈ ၶိုၼ်ႈ ၵမ်ႉ ၵႂၢမ်း ၽႂ်ၼႆႉ ၵမ်ႉ ၸိုင်ႈ ၵႃႈ ၶိုၼ်ႈ ၵမ်ႉ ၵႂၢမ်း ၽႂ်ၼႆႉ ၵမ်ႉ ၸိုင်ႈ ၵႃႈ ၶိုၼ်ႈ ၵမ်ႉ ၵႂၢမ်း ၽႂ်ၼႆႉ ၵမ်ႉ ၸိုင်ႈ ၵႃႈ ၶိုၼ်ႈ ၵမ်ႉ ၵႂၢမ်း ၽႂ်ၼႆႉ ၵမ်ႉ ၸိုင်ႈ ၵႃႈ ၶိုၼ်ႈ ၵမ်ႉ ၵႂၢမ်း ၽႂ်ၼႆႉ ၵမ်ႉ ၸိုင်ႈ ၵႃႈ ၶိုၼ်ႈ ၵမ်ႉ ၵႂၢမ်း ၽႂ်ၼႆႉ ၵမ်ႉ ၸိုင်ႈ ၵႃႈ ၶိုၼ်ႈ ၵမ်ႉ ၵႂၢမ်း ၽႂ်ၼႆႉ ၵမ်ႉ ၸိုင်ႈ ၵႃႈ ၶိုၼ်ႈ ၵမ်ႉ ၵႂၢမ်း ၽႂ်ၼႆႉ ၵမ်ႉ ၸိုင်ႈ ၵႃႈ ၶိုၼ်ႈ ၵမ်ႉ ၵႂၢမ်း ၽႂ်ၼႆႉ ၵမ်ႉ ၸိုင်ႈ ၵႃႈ ၶိုၼ်ႈ ၵမ်ႉ ၵႂၢမ်း ၽႂ်ၼႆႉ ၵမ်ႉ ၸိုင်ႈ ၵႃႈ ၶိုၼ်ႈ ၵမ်ႉ ၵႂၢမ်း ၽႂ်ၼႆႉ ၵမ်ႉ ၸိုင်ႈ ၵႃႈ ၶိုၼ်ႈ ၵမ်ႉ ၵႂၢမ်း ၽႂ်ၼႆႉ ၵမ်ႉ ၸိုင်ႈ ၵႃႈ ၶိုၼ်ႈ ၵမ်ႉ ၵႂၢမ်း ၽႂ်ၼႆႉ ၵမ်ႉ ၸိုင်ႈ ၵႃႈ ၶိုၼ်ႈ ၵမ်ႉ ၵႂၢမ်း ၽႂ်ၼႆႉ ၵမ်ႉ ၸိုင်ႈ ၵႃႈ ၶိုၼ်ႈ

W.C. Taylor in 'The History of Muhammadanism and its Sects'

ၵမ်ႉၵႃႈ ၽႂ်ၼႆႉ ၵမ်ႉ ၸိုင်ႈ ၵႃႈ ၶိုၼ်ႈ ၵမ်ႉ ၵႂၢမ်း ၽႂ်ၼႆႉ ၵမ်ႉ ၸိုင်ႈ ၵႃႈ ၶိုၼ်ႈ ၵမ်ႉ ၵႂၢမ်း ၽႂ်ၼႆႉ ၵမ်ႉ ၸိုင်ႈ ၵႃႈ ၶိုၼ်ႈ ၵမ်ႉ ၵႂၢမ်း ၽႂ်ၼႆႉ ၵမ်ႉ ၸိုင်ႈ ၵႃႈ ၶိုၼ်ႈ ၵမ်ႉ ၵႂၢမ်း ၽႂ်ၼႆႉ ၵမ်ႉ ၸိုင်ႈ ၵႃႈ ၶိုၼ်ႈ ၵမ်ႉ ၵႂၢမ်း ၽႂ်ၼႆႉ ၵမ်ႉ ၸိုင်ႈ ၵႃႈ ၶိုၼ်ႈ ၵမ်ႉ ၵႂၢမ်း ၽႂ်ၼႆႉ ၵမ်ႉ ၸိုင်ႈ ၵႃႈ ၶိုၼ်ႈ ၵမ်ႉ ၵႂၢမ်း ၽႂ်ၼႆႉ ၵမ်ႉ ၸိုင်ႈ ၵႃႈ ၶိုၼ်ႈ ၵမ်ႉ ၵႂၢမ်း ၽႂ်ၼႆႉ ၵမ်ႉ ၸိုင်ႈ ၵႃႈ ၶိုၼ်ႈ ၵမ်ႉ ၵႂၢမ်း ၽႂ်ၼႆႉ ၵမ်ႉ ၸိုင်ႈ ၵႃႈ ၶိုၼ်ႈ ၵမ်ႉ ၵႂၢမ်း ၽႂ်ၼႆႉ ၵမ်ႉ ၸိုင်ႈ ၵႃႈ ၶိုၼ်ႈ

Reverend Bosworth Smith in 'Muhammad and Muhammadanism,' London, 1874.

ၵမ်ႉၵႃႈ ၽႂ်ၼႆႉ ၵမ်ႉ ၸိုင်ႈ ၵႃႈ ၶိုၼ်ႈ ၵမ်ႉ ၵႂၢမ်း ၽႂ်ၼႆႉ ၵမ်ႉ ၸိုင်ႈ ၵႃႈ ၶိုၼ်ႈ ၵမ်ႉ ၵႂၢမ်း ၽႂ်ၼႆႉ ၵမ်ႉ ၸိုင်ႈ ၵႃႈ ၶိုၼ်ႈ ၵမ်ႉ ၵႂၢမ်း ၽႂ်ၼႆႉ ၵမ်ႉ ၸိုင်ႈ ၵႃႈ ၶိုၼ်ႈ ၵမ်ႉ ၵႂၢမ်း ၽႂ်ၼႆႉ ၵမ်ႉ ၸိုင်ႈ ၵႃႈ ၶိုၼ်ႈ ၵမ်ႉ ၵႂၢမ်း ၽႂ်ၼႆႉ ၵမ်ႉ ၸိုင်ႈ ၵႃႈ ၶိုၼ်ႈ ၵမ်ႉ ၵႂၢမ်း ၽႂ်ၼႆႉ ၵမ်ႉ ၸိုင်ႈ ၵႃႈ ၶိုၼ်ႈ ၵမ်ႉ ၵႂၢမ်း ၽႂ်ၼႆႉ ၵမ်ႉ ၸိုင်ႈ ၵႃႈ ၶိုၼ်ႈ ၵမ်ႉ ၵႂၢမ်း ၽႂ်ၼႆႉ ၵမ်ႉ ၸိုင်ႈ ၵႃႈ ၶိုၼ်ႈ ၵမ်ႉ ၵႂၢမ်း ၽႂ်ၼႆႉ ၵမ်ႉ ၸိုင်ႈ ၵႃႈ ၶိုၼ်ႈ ၵမ်ႉ ၵႂၢမ်း ၽႂ်ၼႆႉ ၵမ်ႉ ၸိုင်ႈ ၵႃႈ ၶိုၼ်ႈ ၵမ်ႉ ၵႂၢမ်း ၽႂ်ၼႆႉ ၵမ်ႉ ၸိုင်ႈ ၵႃႈ ၶိုၼ်ႈ ၵမ်ႉ ၵႂၢမ်း ၽႂ်ၼႆႉ ၵမ်ႉ ၸိုင်ႈ ၵႃႈ ၶိုၼ်ႈ ၵမ်ႉ ၵႂၢမ်း ၽႂ်ၼႆႉ ၵမ်ႉ ၸိုင်ႈ ၵႃႈ ၶိုၼ်ႈ

Dr. Gustav Weil in 'History of the Islamic Peoples'

ၵမ်ႉၵႃႈ ၽႂ်ၼႆႉ ၵမ်ႉ ၸိုင်ႈ ၵႃႈ ၶိုၼ်ႈ ၵမ်ႉ ၵႂၢမ်း ၽႂ်ၼႆႉ ၵမ်ႉ ၸိုင်ႈ ၵႃႈ ၶိုၼ်ႈ ၵမ်ႉ ၵႂၢမ်း ၽႂ်ၼႆႉ ၵမ်ႉ ၸိုင်ႈ ၵႃႈ ၶိုၼ်ႈ ၵမ်ႉ ၵႂၢမ်း ၽႂ်ၼႆႉ ၵမ်ႉ ၸိုင်ႈ ၵႃႈ ၶိုၼ်ႈ ၵမ်ႉ ၵႂၢမ်း ၽႂ်ၼႆႉ ၵမ်ႉ ၸိုင်ႈ ၵႃႈ ၶိုၼ်ႈ ၵမ်ႉ ၵႂၢမ်း ၽႂ်ၼႆႉ ၵမ်ႉ ၸိုင်ႈ ၵႃႈ ၶိုၼ်ႈ ၵမ်ႉ ၵႂၢမ်း ၽႂ်ၼႆႉ ၵမ်ႉ ၸိုင်ႈ ၵႃႈ ၶိုၼ်ႈ ၵမ်ႉ ၵႂၢမ်း ၽႂ်ၼႆႉ ၵမ်ႉ ၸိုင်ႈ ၵႃႈ ၶိုၼ်ႈ ၵမ်ႉ ၵႂၢမ်း ၽႂ်ၼႆႉ ၵမ်ႉ ၸိုင်ႈ ၵႃႈ ၶိုၼ်ႈ ၵမ်ႉ ၵႂၢမ်း ၽႂ်ၼႆႉ ၵမ်ႉ ၸိုင်ႈ ၵႃႈ ၶိုၼ်ႈ ၵမ်ႉ ၵႂၢမ်း ၽႂ်ၼႆႉ ၵမ်ႉ ၸိုင်ႈ ၵႃႈ ၶိုၼ်ႈ ၵမ်ႉ ၵႂၢမ်း ၽႂ်ၼႆႉ ၵမ်ႉ ၸိုင်ႈ ၵႃႈ ၶိုၼ်ႈ ၵမ်ႉ ၵႂၢမ်း ၽႂ်ၼႆႉ ၵမ်ႉ ၸိုင်ႈ ၵႃႈ ၶိုၼ်ႈ ၵမ်ႉ ၵႂၢမ်း ၽႂ်ၼႆႉ ၵမ်ႉ ၸိုင်ႈ ၵႃႈ ၶိုၼ်ႈ ၵမ်ႉ ၵႂၢမ်း ၽႂ်ၼႆႉ ၵမ်ႉ ၸိုင်ႈ ၵႃႈ ၶိုၼ်ႈ ၵမ်ႉ ၵႂၢမ်း ၽႂ်ၼႆႉ ၵမ်ႉ ၸိုင်ႈ ၵႃႈ ၶိုၼ်ႈ ၵမ်ႉ ၵႂၢမ်း ၽႂ်ၼႆႉ ၵမ်ႉ ၸိုင်ႈ ၵႃႈ ၶိုၼ်ႈ

J.W.H. Stob in 'Islam and its Founder'

ၵမ်ႉၵႃႈ ၽႂ်ၼႆႉ ၵမ်ႉ ၸိုင်ႈ ၵႃႈ ၶိုၼ်ႈ ၵမ်ႉ ၵႂၢမ်း ၽႂ်ၼႆႉ ၵမ်ႉ ၸိုင်ႈ ၵႃႈ ၶိုၼ်ႈ ၵမ်ႉ ၵႂၢမ်း ၽႂ်ၼႆႉ ၵမ်ႉ ၸိုင်ႈ ၵႃႈ ၶိုၼ်ႈ ၵမ်ႉ ၵႂၢမ်း ၽႂ်ၼႆႉ ၵမ်ႉ ၸိုင်ႈ ၵႃႈ ၶိုၼ်ႈ ၵမ်ႉ ၵႂၢမ်း ၽႂ်ၼႆႉ ၵမ်ႉ ၸိုင်ႈ ၵႃႈ ၶိုၼ်ႈ ၵမ်ႉ ၵႂၢမ်း ၽႂ်ၼႆႉ ၵမ်ႉ ၸိုင်ႈ ၵႃႈ ၶိုၼ်ႈ ၵမ်ႉ ၵႂၢမ်း ၽႂ်ၼႆႉ ၵမ်ႉ ၸိုင်ႈ ၵႃႈ ၶိုၼ်ႈ ၵမ်ႉ ၵႂၢမ်း ၽႂ်ၼႆႉ ၵမ်ႉ ၸိုင်ႈ ၵႃႈ ၶိုၼ်ႈ

Washington Irving in 'Life of Muhammad,' New York,1920.

ၵမ်ႉၵႃႈ ၽႂ်ၼႆႉ ၵမ်ႉ ၸိုင်ႈ ၵႃႈ ၶိုၼ်ႈ ၵမ်ႉ ၵႂၢမ်း ၽႂ်ၼႆႉ ၵမ်ႉ ၸိုင်ႈ ၵႃႈ ၶိုၼ်ႈ ၵမ်ႉ ၵႂၢမ်း ၽႂ်ၼႆႉ ၵမ်ႉ ၸိုင်ႈ ၵႃႈ ၶိုၼ်ႈ ၵမ်ႉ ၵႂၢမ်း ၽႂ်ၼႆႉ ၵမ်ႉ ၸိုင်ႈ ၵႃႈ ၶိုၼ်ႈ ၵမ်ႉ ၵႂၢမ်း ၽႂ်ၼႆႉ ၵမ်ႉ ၸိုင်ႈ ၵႃႈ ၶိုၼ်ႈ ၵမ်ႉ ၵႂၢမ်း ၽႂ်ၼႆႉ ၵမ်ႉ ၸိုင်ႈ ၵႃႈ ၶိုၼ်ႈ ၵမ်ႉ ၵႂၢမ်း ၽႂ်ၼႆႉ ၵမ်ႉ ၸိုင်ႈ ၵႃႈ ၶိုၼ်ႈ ၵမ်ႉ ၵႂၢမ်း ၽႂ်ၼႆႉ ၵမ်ႉ ၸိုင်ႈ ၵႃႈ ၶိုၼ်ႈ ၵမ်ႉ ၵႂၢမ်း ၽႂ်ၼႆႉ ၵမ်ႉ ၸိုင်ႈ ၵႃႈ ၶိုၼ်ႈ ၵမ်ႉ ၵႂၢမ်း ၽႂ်ၼႆႉ ၵမ်ႉ ၸိုင်ႈ ၵႃႈ ၶိုၼ်ႈ ၵမ်ႉ ၵႂၢမ်း ၽႂ်ၼႆႉ ၵမ်ႉ ၸိုင်ႈ ၵႃႈ ၶိုၼ်ႈ ၵမ်ႉ ၵႂၢမ်း ၽႂ်ၼႆႉ ၵမ်ႉ ၸိုင်ႈ ၵႃႈ ၶိုၼ်ႈ ၵမ်ႉ ၵႂၢမ်း ၽႂ်ၼႆႉ ၵမ်ႉ ၸိုင်ႈ ၵႃႈ ၶိုၼ်ႈ ၵမ်ႉ ၵႂၢမ်း ၽႂ်ၼႆႉ ၵမ်ႉ ၸိုင်ႈ ၵႃႈ ၶိုၼ်ႈ ၵမ်ႉ ၵႂၢမ်း ၽႂ်ၼႆႉ ၵမ်ႉ ၸိုင်ႈ ၵႃႈ ၶိုၼ်ႈ ၵမ်ႉ ၵႂၢမ်း ၽႂ်ၼႆႉ ၵမ်ႉ ၸိုင်ႈ ၵႃႈ ၶိုၼ်ႈ ၵမ်ႉ ၵႂၢမ်း ၽႂ်ၼႆႉ ၵမ်ႉ ၸိုင်ႈ ၵႃႈ ၶိုၼ်ႈ ၵမ်ႉ ၵႂၢမ်း ၽႂ်ၼႆႉ ၵမ်ႉ ၸိုင်ႈ ၵႃႈ ၶိုၼ်ႈ ၵမ်ႉ ၵႂၢမ်း ၽႂ်ၼႆႉ ၵမ်ႉ ၸိုင်ႈ ၵႃႈ ၶိုၼ်ႈ

Arthur Glyn Leonard in 'Islam, Her Moral and Spiritual Values'

ၵမ်ႉၵႃႈ ၽႂ်ၼႆႉ ၵမ်ႉ ၸိုင်ႈ ၵႃႈ ၶိုၼ်ႈ ၵမ်ႉ ၵႂၢမ်း ၽႂ်ၼႆႉ ၵမ်ႉ ၸိုင်ႈ ၵႃႈ ၶိုၼ်ႈ ၵမ်ႉ ၵႂၢမ်း ၽႂ်ၼႆႉ ၵမ်ႉ ၸိုင်ႈ ၵႃႈ ၶိုၼ်ႈ ၵမ်ႉ ၵႂၢမ်း ၽႂ်ၼႆႉ ၵမ်ႉ ၸိုင်ႈ ၵႃႈ ၶိုၼ်ႈ ၵမ်ႉ ၵႂၢမ်း ၽႂ်ၼႆႉ ၵမ်ႉ ၸိုင်ႈ ၵႃႈ ၶိုၼ်ႈ ၵမ်ႉ ၵႂၢမ်း ၽႂ်ၼႆႉ ၵမ်ႉ ၸိုင်ႈ ၵႃႈ ၶိုၼ်ႈ ၵမ်ႉ ၵႂၢမ်း ၽႂ်ၼႆႉ ၵမ်ႉ ၸိုင်ႈ ၵႃႈ ၶိုၼ်ႈ ၵမ်ႉ ၵႂၢမ်း ၽႂ်ၼႆႉ ၵမ်ႉ ၸိုင်ႈ ၵႃႈ ၶိုၼ်ႈ ၵမ်ႉ ၵႂၢမ်း ၽႂ်ၼႆႉ ၵမ်ႉ ၸိုင်ႈ ၵႃႈ ၶိုၼ်ႈ ၵမ်ႉ ၵႂၢမ်း ၽႂ်ၼႆႉ ၵမ်ႉ ၸိုင်ႈ ၵႃႈ ၶိုၼ်ႈ ၵမ်ႉ ၵႂၢမ်း ၽႂ်ၼႆႉ ၵမ်ႉ ၸိုင်ႈ ၵႃႈ ၶိုၼ်ႈ ၵမ်ႉ ၵႂၢမ်း ၽႂ်ၼႆႉ ၵမ်ႉ ၸိုင်ႈ ၵႃႈ ၶိုၼ်ႈ ၵမ်ႉ ၵႂၢမ်း ၽႂ်ၼႆႉ ၵမ်ႉ ၸိုင်ႈ ၵႃႈ ၶိုၼ်ႈ ၵမ်ႉ ၵႂၢမ်း ၽႂ်ၼႆႉ ၵမ်ႉ ၸိုင်ႈ ၵႃႈ ၶိုၼ်ႈ ၵမ်ႉ ၵႂၢမ်း ၽႂ်ၼႆႉ ၵမ်ႉ ၸိုင်ႈ ၵႃႈ ၶိုၼ်ႈ ၵမ်ႉ ၵႂၢမ်း ၽႂ်ၼႆႉ ၵမ်ႉ ၸိုင်ႈ ၵႃႈ ၶိုၼ်ႈ

James Michener in 'Islam: The Misunderstood Religion,' Reader's Digest, May 1955, pp. 68-70.

ၵမ်ႉၵႃႈ ၽႂ်ၼႆႉ ၵမ်ႉ ၸိုင်ႈ ၵႃႈ ၶိုၼ်ႈ ၵမ်ႉ ၵႂၢမ်း ၽႂ်ၼႆႉ ၵမ်ႉ ၸိုင်ႈ ၵႃႈ ၶိုၼ်ႈ ၵမ်ႉ ၵႂၢမ်း ၽႂ်ၼႆႉ ၵမ်ႉ ၸိုင်ႈ ၵႃႈ ၶိုၼ်ႈ ၵမ်ႉ ၵႂၢမ်း ၽႂ်ၼႆႉ ၵမ်ႉ ၸိုင်ႈ ၵႃႈ ၶိုၼ်ႈ ၵမ်ႉ ၵႂၢမ်း ၽႂ်ၼႆႉ ၵမ်ႉ ၸိုင်ႈ ၵႃႈ ၶိုၼ်ႈ ၵမ်ႉ ၵႂၢမ်း ၽႂ်ၼႆႉ ၵမ်ႉ ၸိုင်ႈ ၵႃႈ ၶိုၼ်ႈ ၵမ်ႉ ၵႂၢမ်း ၽႂ်ၼႆႉ ၵမ်ႉ ၸိုင်ႈ ၵႃႈ ၶိုၼ်ႈ ၵမ်ႉ ၵႂၢမ်း ၽႂ်ၼႆႉ ၵမ်ႉ ၸိုင်ႈ ၵႃႈ ၶိုၼ်ႈ ၵမ်ႉ ၵႂၢမ်း ၽႂ်ၼႆႉ ၵမ်ႉ ၸိုင်ႈ ၵႃႈ ၶိုၼ်ႈ ၵမ်ႉ ၵႂၢမ်း ၽႂ်ၼႆႉ ၵမ်ႉ ၸိုင်ႈ ၵႃႈ ၶိုၼ်ႈ ၵမ်ႉ ၵႂၢမ်း ၽႂ်ၼႆႉ ၵမ်ႉ ၸိုင်ႈ ၵႃႈ ၶိုၼ်ႈ ၵမ်ႉ ၵႂၢမ်း ၽႂ်ၼႆႉ ၵမ်ႉ ၸိုင်ႈ ၵႃႈ ၶိုၼ်ႈ ၵမ်ႉ ၵႂၢမ်း ၽႂ်ၼႆႉ ၵမ်ႉ ၸိုင်ႈ ၵႃႈ ၶိုၼ်ႈ ၵမ်ႉ ၵႂၢမ်း ၽႂ်ၼႆႉ ၵမ်ႉ ၸိုင်ႈ ၵႃႈ ၶိုၼ်ႈ ၵမ်ႉ ၵႂၢမ်း ၽႂ်ၼႆႉ ၵမ်ႉ ၸိုင်ႈ ၵႃႈ ၶိုၼ်ႈ ၵမ်ႉ ၵႂၢမ်း ၽႂ်ၼႆႉ ၵမ်ႉ ၸိုင်ႈ ၵႃႈ ၶိုၼ်ႈ ၵမ်ႉ ၵႂၢမ်း ၽႂ်ၼႆႉ ၵမ်ႉ ၸိုင်ႈ ၵႃႈ ၶိုၼ်ႈ ၵမ်ႉ ၵႂၢမ်း ၽႂ်ၼႆႉ ၵမ်ႉ ၸိုင်ႈ ၵႃႈ ၶိုၼ်ႈ ၵမ်ႉ ၵႂၢမ်း ၽႂ်ၼႆႉ ၵမ်ႉ ၸိုင်ႈ ၵႃႈ ၶိုၼ်ႈ ၵမ်ႉ ၵႂၢမ်း ၽႂ်ၼႆႉ ၵမ်ႉ ၸိုင်ႈ ၵႃႈ ၶိုၼ်ႈ ၵမ်ႉ ၵႂၢမ်း ၽႂ်ၼႆႉ ၵမ်ႉ ၸိုင်ႈ ၵႃႈ ၶိုၼ်ႈ ၵမ်ႉ ၵႂၢမ်း ၽႂ်ၼႆႉ ၵမ်ႉ ၸိုင်ႈ ၵႃႈ ၶိုၼ်ႈ ၵမ်ႉ ၵႂၢမ်း ၽႂ်ၼႆႉ ၵမ်ႉ ၸိုင်ႈ ၵႃႈ ၶိုၼ်ႈ ၵမ်ႉ ၵႂၢမ်း ၽႂ်ၼႆႉ ၵမ်ႉ ၸိုင်ႈ ၵႃႈ ၶိုၼ်ႈ
